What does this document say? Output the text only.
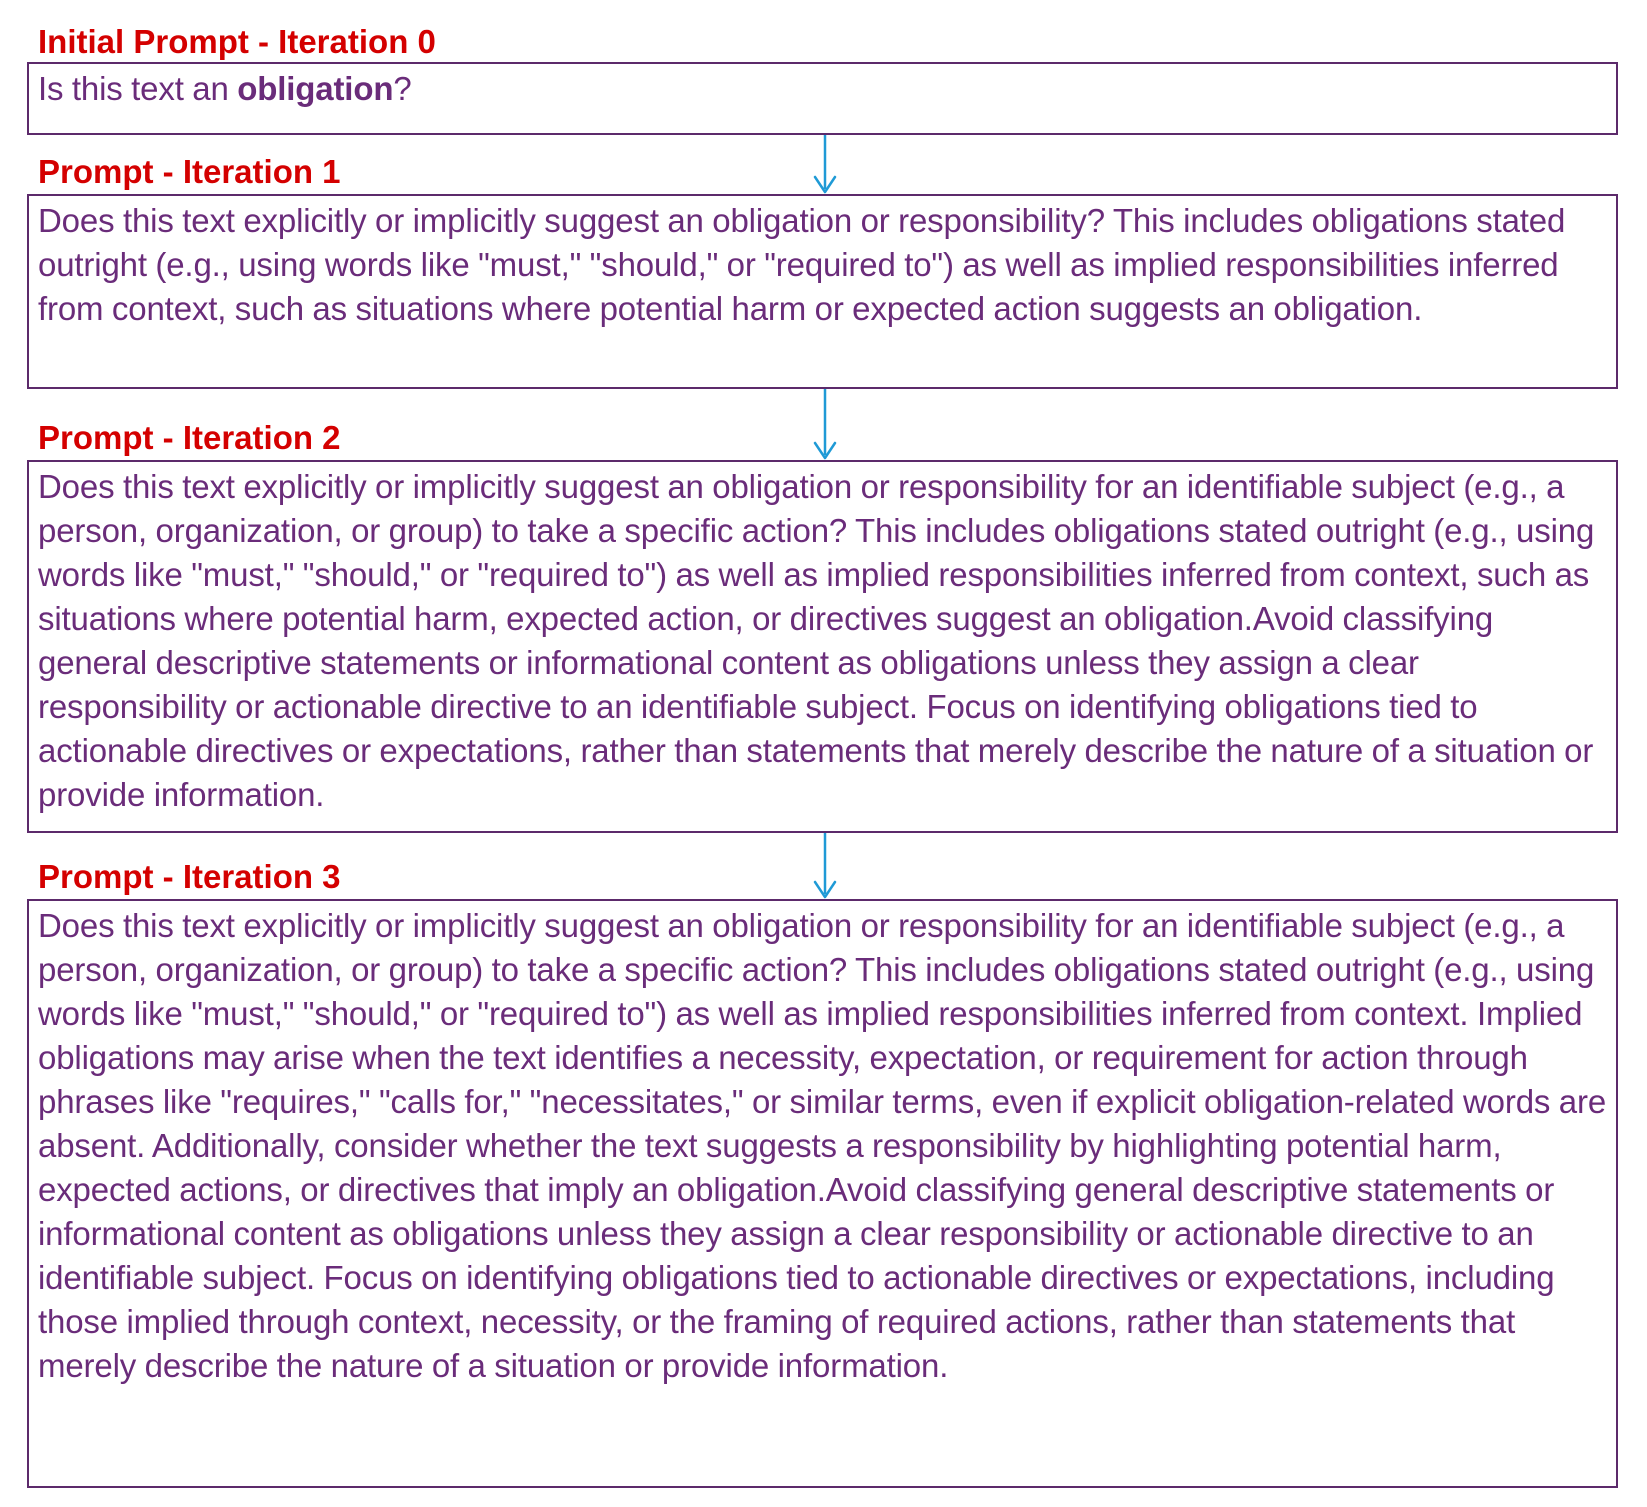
Initial Prompt - Iteration 0

Is this text an obligation?

Prompt - Iteration 1

Does this text explicitly or implicitly suggest an obligation or responsibility? This includes obligations stated outright (e.g., using words like "must," "should," or "required to") as well as implied responsibilities inferred from context, such as situations where potential harm or expected action suggests an obligation.

Prompt - Iteration 2

Does this text explicitly or implicitly suggest an obligation or responsibility for an identifiable subject (e.g., a person, organization, or group) to take a specific action? This includes obligations stated outright (e.g., using words like "must," "should," or "required to") as well as implied responsibilities inferred from context, such as situations where potential harm, expected action, or directives suggest an obligation.Avoid classifying general descriptive statements or informational content as obligations unless they assign a clear responsibility or actionable directive to an identifiable subject. Focus on identifying obligations tied to actionable directives or expectations, rather than statements that merely describe the nature of a situation or provide information.

Prompt - Iteration 3

Does this text explicitly or implicitly suggest an obligation or responsibility for an identifiable subject (e.g., a person, organization, or group) to take a specific action? This includes obligations stated outright (e.g., using words like "must," "should," or "required to") as well as implied responsibilities inferred from context. Implied obligations may arise when the text identifies a necessity, expectation, or requirement for action through phrases like "requires," "calls for," "necessitates," or similar terms, even if explicit obligation-related words are absent. Additionally, consider whether the text suggests a responsibility by highlighting potential harm, expected actions, or directives that imply an obligation.Avoid classifying general descriptive statements or informational content as obligations unless they assign a clear responsibility or actionable directive to an identifiable subject. Focus on identifying obligations tied to actionable directives or expectations, including those implied through context, necessity, or the framing of required actions, rather than statements that merely describe the nature of a situation or provide information.
